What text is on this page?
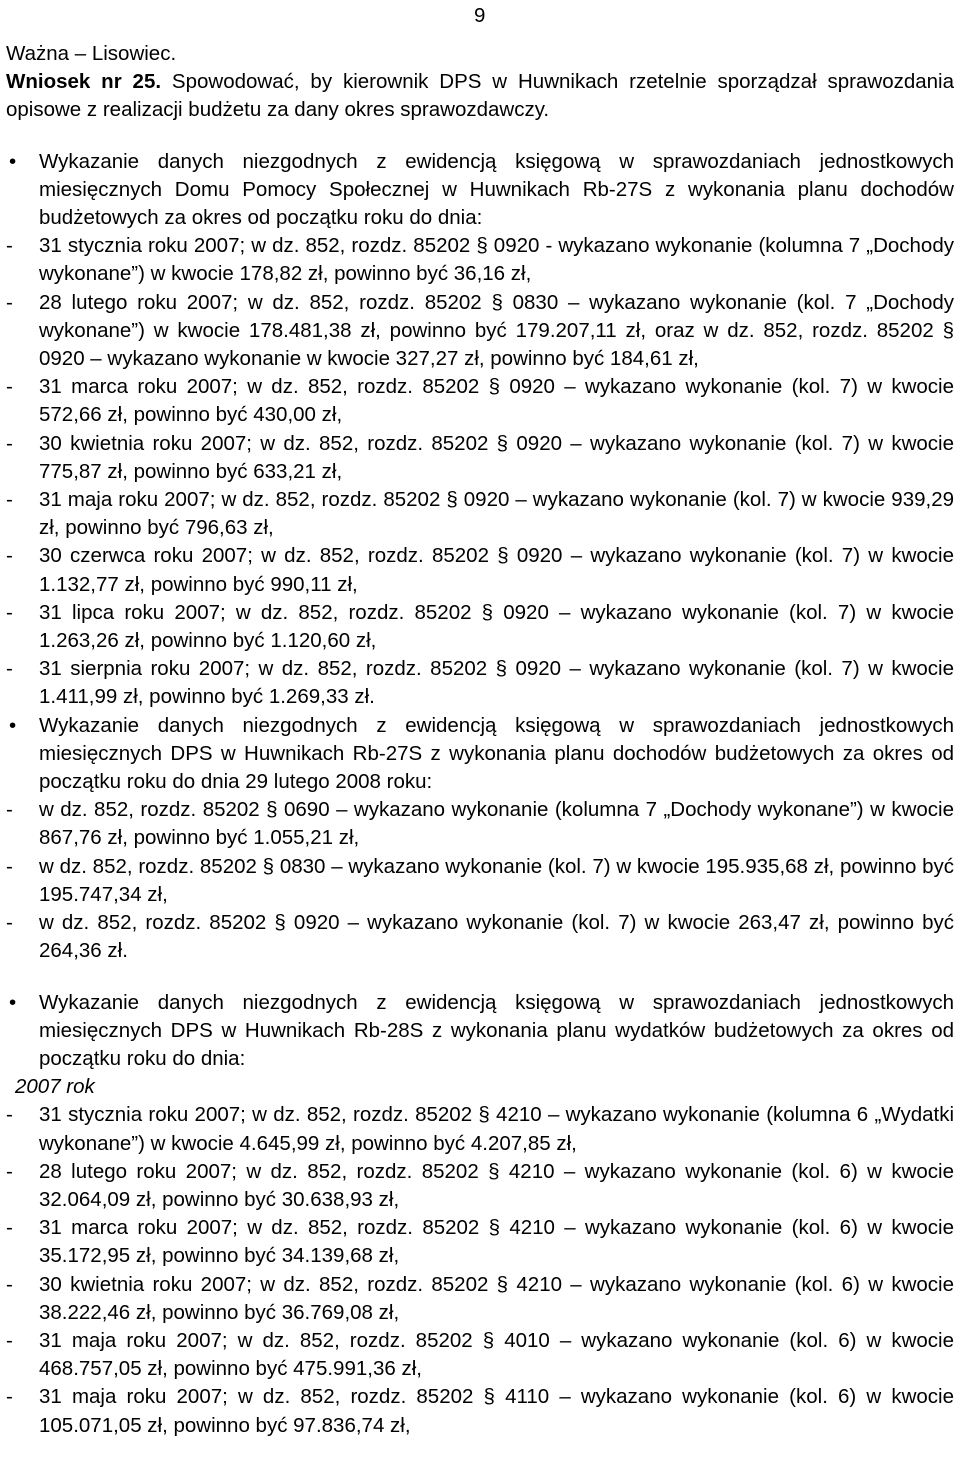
9

Ważna – Lisowiec.

Wniosek nr 25. Spowodować, by kierownik DPS w Huwnikach rzetelnie sporządzał sprawozdania opisowe z realizacji budżetu za dany okres sprawozdawczy.

• Wykazanie danych niezgodnych z ewidencją księgową w sprawozdaniach jednostkowych miesięcznych Domu Pomocy Społecznej w Huwnikach Rb-27S z wykonania planu dochodów budżetowych za okres od początku roku do dnia:

- 31 stycznia roku 2007; w dz. 852, rozdz. 85202 § 0920 - wykazano wykonanie (kolumna 7 „Dochody wykonane”) w kwocie 178,82 zł, powinno być 36,16 zł,

- 28 lutego roku 2007; w dz. 852, rozdz. 85202 § 0830 – wykazano wykonanie (kol. 7 „Dochody wykonane”) w kwocie 178.481,38 zł, powinno być 179.207,11 zł, oraz w dz. 852, rozdz. 85202 § 0920 – wykazano wykonanie w kwocie 327,27 zł, powinno być 184,61 zł,

- 31 marca roku 2007; w dz. 852, rozdz. 85202 § 0920 – wykazano wykonanie (kol. 7) w kwocie 572,66 zł, powinno być 430,00 zł,

- 30 kwietnia roku 2007; w dz. 852, rozdz. 85202 § 0920 – wykazano wykonanie (kol. 7) w kwocie 775,87 zł, powinno być 633,21 zł,

- 31 maja roku 2007; w dz. 852, rozdz. 85202 § 0920 – wykazano wykonanie (kol. 7) w kwocie 939,29 zł, powinno być 796,63 zł,

- 30 czerwca roku 2007; w dz. 852, rozdz. 85202 § 0920 – wykazano wykonanie (kol. 7) w kwocie 1.132,77 zł, powinno być 990,11 zł,

- 31 lipca roku 2007; w dz. 852, rozdz. 85202 § 0920 – wykazano wykonanie (kol. 7) w kwocie 1.263,26 zł, powinno być 1.120,60 zł,

- 31 sierpnia roku 2007; w dz. 852, rozdz. 85202 § 0920 – wykazano wykonanie (kol. 7) w kwocie 1.411,99 zł, powinno być 1.269,33 zł.

• Wykazanie danych niezgodnych z ewidencją księgową w sprawozdaniach jednostkowych miesięcznych DPS w Huwnikach Rb-27S z wykonania planu dochodów budżetowych za okres od początku roku do dnia 29 lutego 2008 roku:

- w dz. 852, rozdz. 85202 § 0690 – wykazano wykonanie (kolumna 7 „Dochody wykonane”) w kwocie 867,76 zł, powinno być 1.055,21 zł,

- w dz. 852, rozdz. 85202 § 0830 – wykazano wykonanie (kol. 7) w kwocie 195.935,68 zł, powinno być 195.747,34 zł,

- w dz. 852, rozdz. 85202 § 0920 – wykazano wykonanie (kol. 7) w kwocie 263,47 zł, powinno być 264,36 zł.

• Wykazanie danych niezgodnych z ewidencją księgową w sprawozdaniach jednostkowych miesięcznych DPS w Huwnikach Rb-28S z wykonania planu wydatków budżetowych za okres od początku roku do dnia:

2007 rok

- 31 stycznia roku 2007; w dz. 852, rozdz. 85202 § 4210 – wykazano wykonanie (kolumna 6 „Wydatki wykonane”) w kwocie 4.645,99 zł, powinno być 4.207,85 zł,

- 28 lutego roku 2007; w dz. 852, rozdz. 85202 § 4210 – wykazano wykonanie (kol. 6) w kwocie 32.064,09 zł, powinno być 30.638,93 zł,

- 31 marca roku 2007; w dz. 852, rozdz. 85202 § 4210 – wykazano wykonanie (kol. 6) w kwocie 35.172,95 zł, powinno być 34.139,68 zł,

- 30 kwietnia roku 2007; w dz. 852, rozdz. 85202 § 4210 – wykazano wykonanie (kol. 6) w kwocie 38.222,46 zł, powinno być 36.769,08 zł,

- 31 maja roku 2007; w dz. 852, rozdz. 85202 § 4010 – wykazano wykonanie (kol. 6) w kwocie 468.757,05 zł, powinno być 475.991,36 zł,

- 31 maja roku 2007; w dz. 852, rozdz. 85202 § 4110 – wykazano wykonanie (kol. 6) w kwocie 105.071,05 zł, powinno być 97.836,74 zł,
